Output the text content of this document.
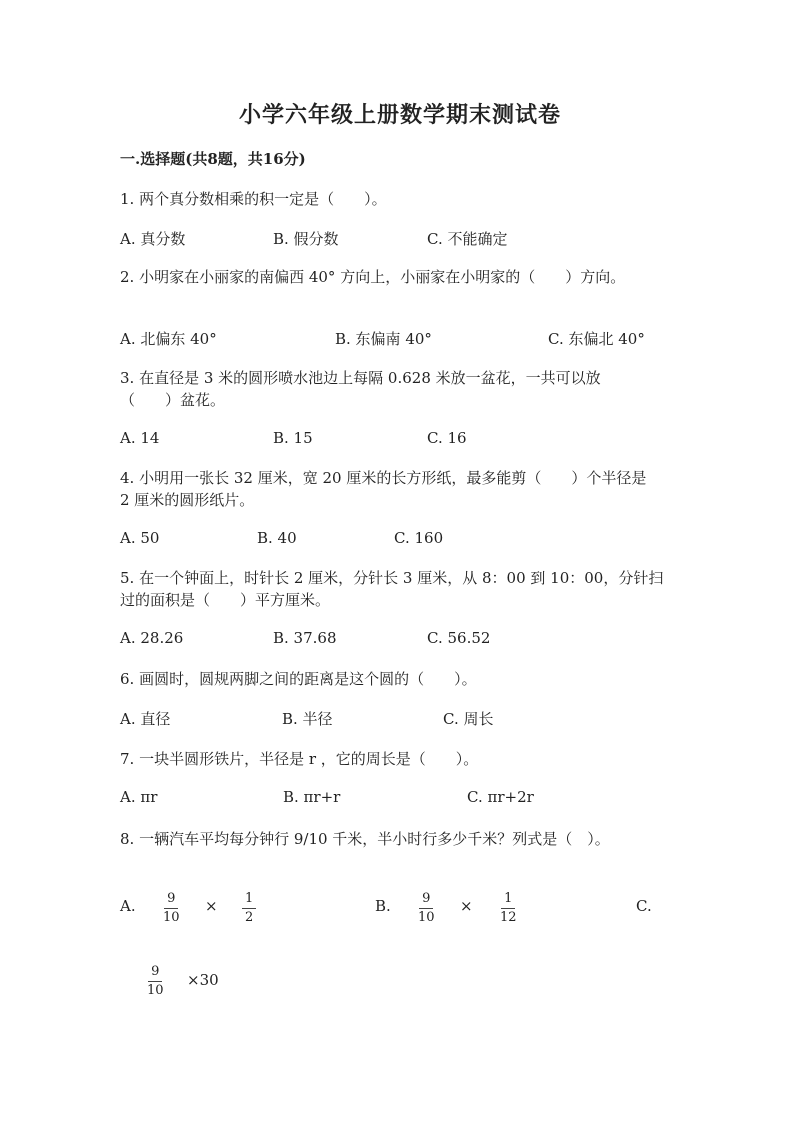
小学六年级上册数学期末测试卷
一.选择题(共8题，共16分)
1. 两个真分数相乘的积一定是（　　）。
A. 真分数	B. 假分数	C. 不能确定
2. 小明家在小丽家的南偏西 40° 方向上，小丽家在小明家的（　　）方向。
A. 北偏东 40°	B. 东偏南 40°	C. 东偏北 40°
3. 在直径是 3 米的圆形喷水池边上每隔 0.628 米放一盆花，一共可以放
（　　）盆花。
A. 14	B. 15	C. 16
4. 小明用一张长 32 厘米，宽 20 厘米的长方形纸，最多能剪（　　）个半径是
2 厘米的圆形纸片。
A. 50	B. 40	C. 160
5. 在一个钟面上，时针长 2 厘米，分针长 3 厘米，从 8：00 到 10：00，分针扫
过的面积是（　　）平方厘米。
A. 28.26	B. 37.68	C. 56.52
6. 画圆时，圆规两脚之间的距离是这个圆的（　　）。
A. 直径	B. 半径	C. 周长
7. 一块半圆形铁片，半径是 r ，它的周长是（　　）。
A. πr	B. πr+r	C. πr+2r
8. 一辆汽车平均每分钟行 9/10 千米，半小时行多少千米？列式是（　）。
A. $\frac{9}{10} \times \frac{1}{2}$	B. $\frac{9}{10} \times \frac{1}{12}$	C.
$\frac{9}{10} \times 30$
